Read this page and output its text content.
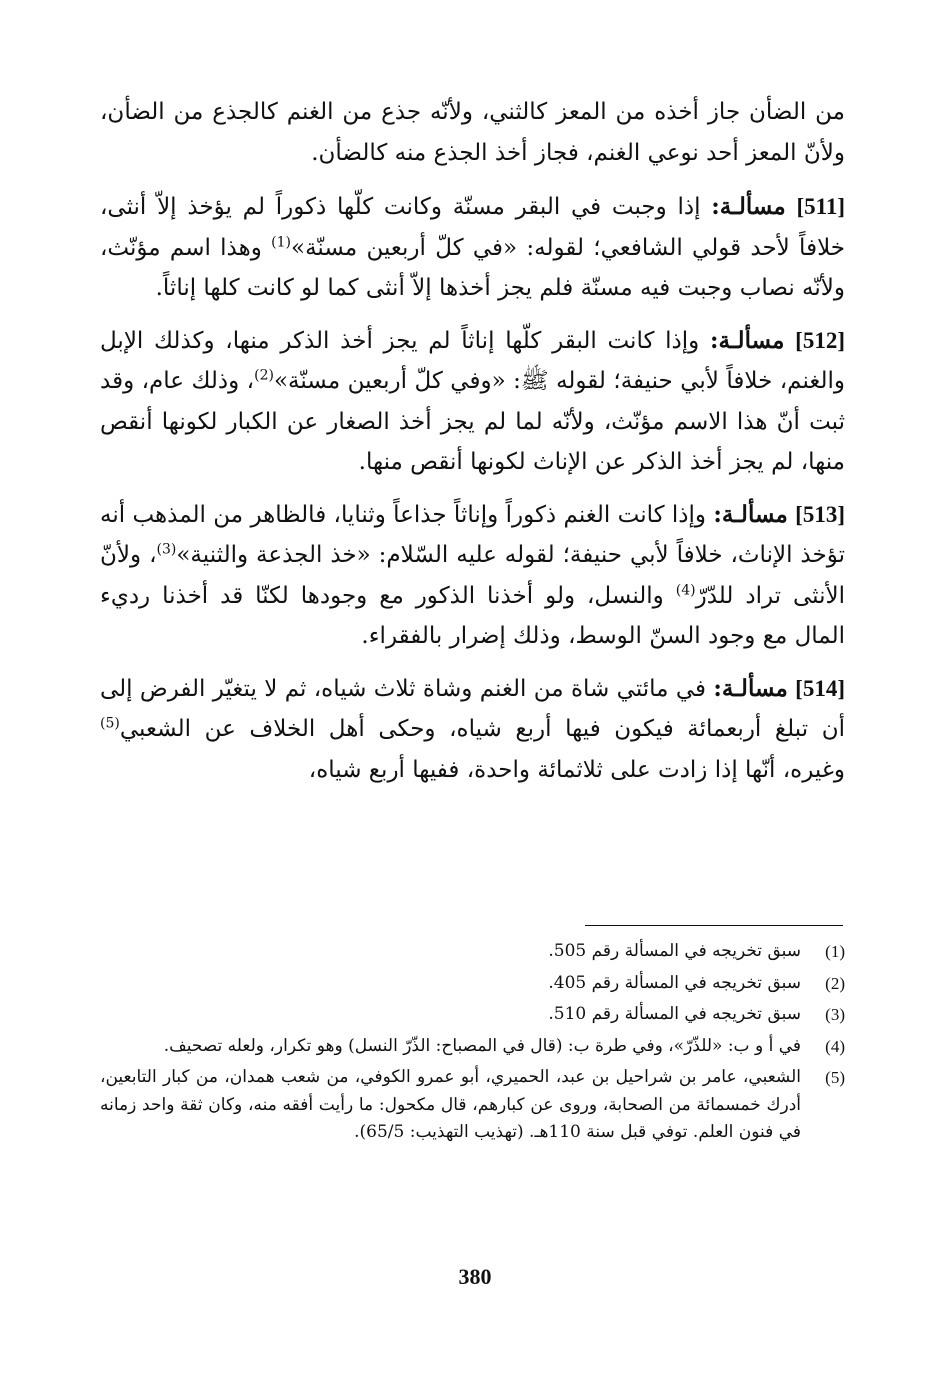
من الضأن جاز أخذه من المعز كالثني، ولأنّه جذع من الغنم كالجذع من الضأن، ولأنّ المعز أحد نوعي الغنم، فجاز أخذ الجذع منه كالضأن.

[511] مسألـة: إذا وجبت في البقر مسنّة وكانت كلّها ذكوراً لم يؤخذ إلاّ أنثى، خلافاً لأحد قولي الشافعي؛ لقوله: «في كلّ أربعين مسنّة»$^{(1)}$ وهذا اسم مؤنّث، ولأنّه نصاب وجبت فيه مسنّة فلم يجز أخذها إلاّ أنثى كما لو كانت كلها إناثاً.

[512] مسألـة: وإذا كانت البقر كلّها إناثاً لم يجز أخذ الذكر منها، وكذلك الإبل والغنم، خلافاً لأبي حنيفة؛ لقوله ﷺ: «وفي كلّ أربعين مسنّة»$^{(2)}$، وذلك عام، وقد ثبت أنّ هذا الاسم مؤنّث، ولأنّه لما لم يجز أخذ الصغار عن الكبار لكونها أنقص منها، لم يجز أخذ الذكر عن الإناث لكونها أنقص منها.

[513] مسألـة: وإذا كانت الغنم ذكوراً وإناثاً جذاعاً وثنايا، فالظاهر من المذهب أنه تؤخذ الإناث، خلافاً لأبي حنيفة؛ لقوله عليه السّلام: «خذ الجذعة والثنية»$^{(3)}$، ولأنّ الأنثى تراد للدّرّ$^{(4)}$ والنسل، ولو أخذنا الذكور مع وجودها لكنّا قد أخذنا رديء المال مع وجود السنّ الوسط، وذلك إضرار بالفقراء.

[514] مسألـة: في مائتي شاة من الغنم وشاة ثلاث شياه، ثم لا يتغيّر الفرض إلى أن تبلغ أربعمائة فيكون فيها أربع شياه، وحكى أهل الخلاف عن الشعبي$^{(5)}$ وغيره، أنّها إذا زادت على ثلاثمائة واحدة، ففيها أربع شياه،

(1)
سبق تخريجه في المسألة رقم 505.
(2)
سبق تخريجه في المسألة رقم 405.
(3)
سبق تخريجه في المسألة رقم 510.
(4)
في أ و ب: «للذّرّ»، وفي طرة ب: (قال في المصباح: الذّرّ النسل) وهو تكرار، ولعله تصحيف.
(5)
الشعبي، عامر بن شراحيل بن عبد، الحميري، أبو عمرو الكوفي، من شعب همدان، من كبار التابعين، أدرك خمسمائة من الصحابة، وروى عن كبارهم، قال مكحول: ما رأيت أفقه منه، وكان ثقة واحد زمانه في فنون العلم. توفي قبل سنة 110هـ. (تهذيب التهذيب: 65/5).
380
